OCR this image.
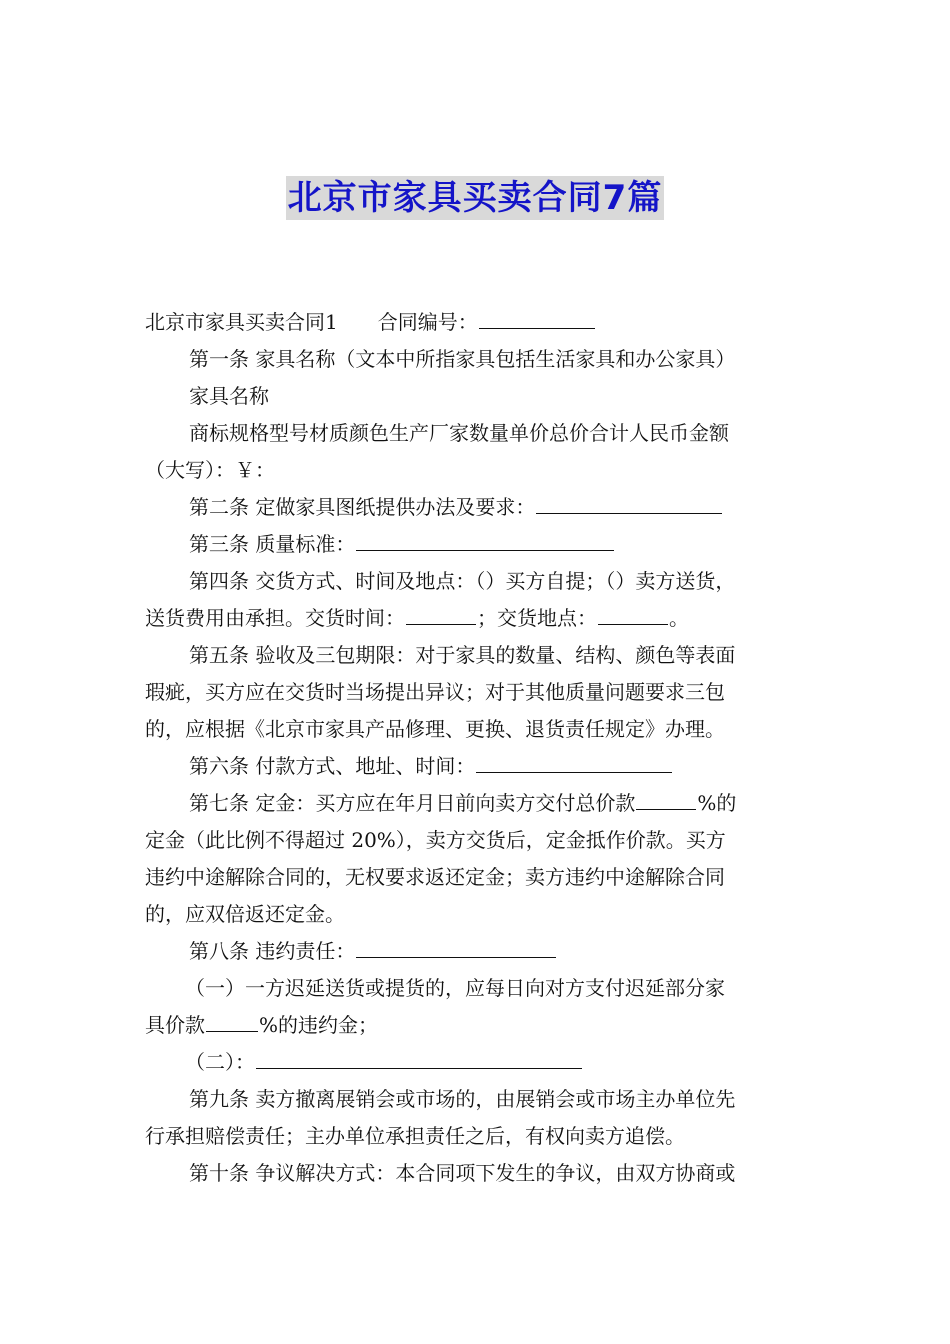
北京市家具买卖合同7篇

北京市家具买卖合同1 合同编号：

第一条 家具名称（文本中所指家具包括生活家具和办公家具）

家具名称

商标规格型号材质颜色生产厂家数量单价总价合计人民币金额

（大写）：￥：

第二条 定做家具图纸提供办法及要求：

第三条 质量标准：

第四条 交货方式、时间及地点：（）买方自提；（）卖方送货，

送货费用由承担。交货时间：	；交货地点：	。

第五条 验收及三包期限：对于家具的数量、结构、颜色等表面

瑕疵，买方应在交货时当场提出异议；对于其他质量问题要求三包

的，应根据《北京市家具产品修理、更换、退货责任规定》办理。

第六条 付款方式、地址、时间：

第七条 定金：买方应在年月日前向卖方交付总价款	%的

定金（此比例不得超过 20%），卖方交货后，定金抵作价款。买方

违约中途解除合同的，无权要求返还定金；卖方违约中途解除合同

的，应双倍返还定金。

第八条 违约责任：

（一）一方迟延送货或提货的，应每日向对方支付迟延部分家

具价款	%的违约金；

（二）：

第九条 卖方撤离展销会或市场的，由展销会或市场主办单位先

行承担赔偿责任；主办单位承担责任之后，有权向卖方追偿。

第十条 争议解决方式：本合同项下发生的争议，由双方协商或
